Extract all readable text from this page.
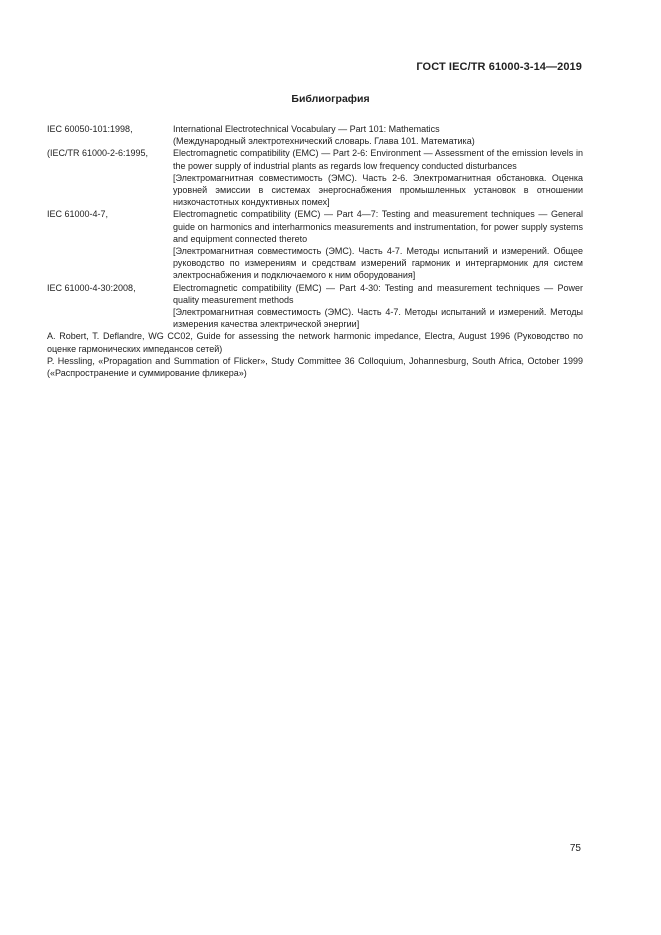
ГОСТ IEC/TR 61000-3-14—2019
Библиография
IEC 60050-101:1998,	International Electrotechnical Vocabulary — Part 101: Mathematics
(Международный электротехнический словарь. Глава 101. Математика)
(IEC/TR 61000-2-6:1995,	Electromagnetic compatibility (EMC) — Part 2-6: Environment — Assessment of the emission levels in the power supply of industrial plants as regards low frequency conducted disturbances
[Электромагнитная совместимость (ЭМС). Часть 2-6. Электромагнитная обстановка. Оценка уровней эмиссии в системах энергоснабжения промышленных установок в отношении низкочастотных кондуктивных помех]
IEC 61000-4-7,	Electromagnetic compatibility (EMC) — Part 4—7: Testing and measurement techniques — General guide on harmonics and interharmonics measurements and instrumentation, for power supply systems and equipment connected thereto
[Электромагнитная совместимость (ЭМС). Часть 4-7. Методы испытаний и измерений. Общее руководство по измерениям и средствам измерений гармоник и интергармоник для систем электроснабжения и подключаемого к ним оборудования]
IEC 61000-4-30:2008,	Electromagnetic compatibility (EMC) — Part 4-30: Testing and measurement techniques — Power quality measurement methods
[Электромагнитная совместимость (ЭМС). Часть 4-7. Методы испытаний и измерений. Методы измерения качества электрической энергии]
A. Robert, T. Deflandre, WG CC02, Guide for assessing the network harmonic impedance, Electra, August 1996 (Руководство по оценке гармонических импедансов сетей)
P. Hessling, «Propagation and Summation of Flicker», Study Committee 36 Colloquium, Johannesburg, South Africa, October 1999 («Распространение и суммирование фликера»)
75
